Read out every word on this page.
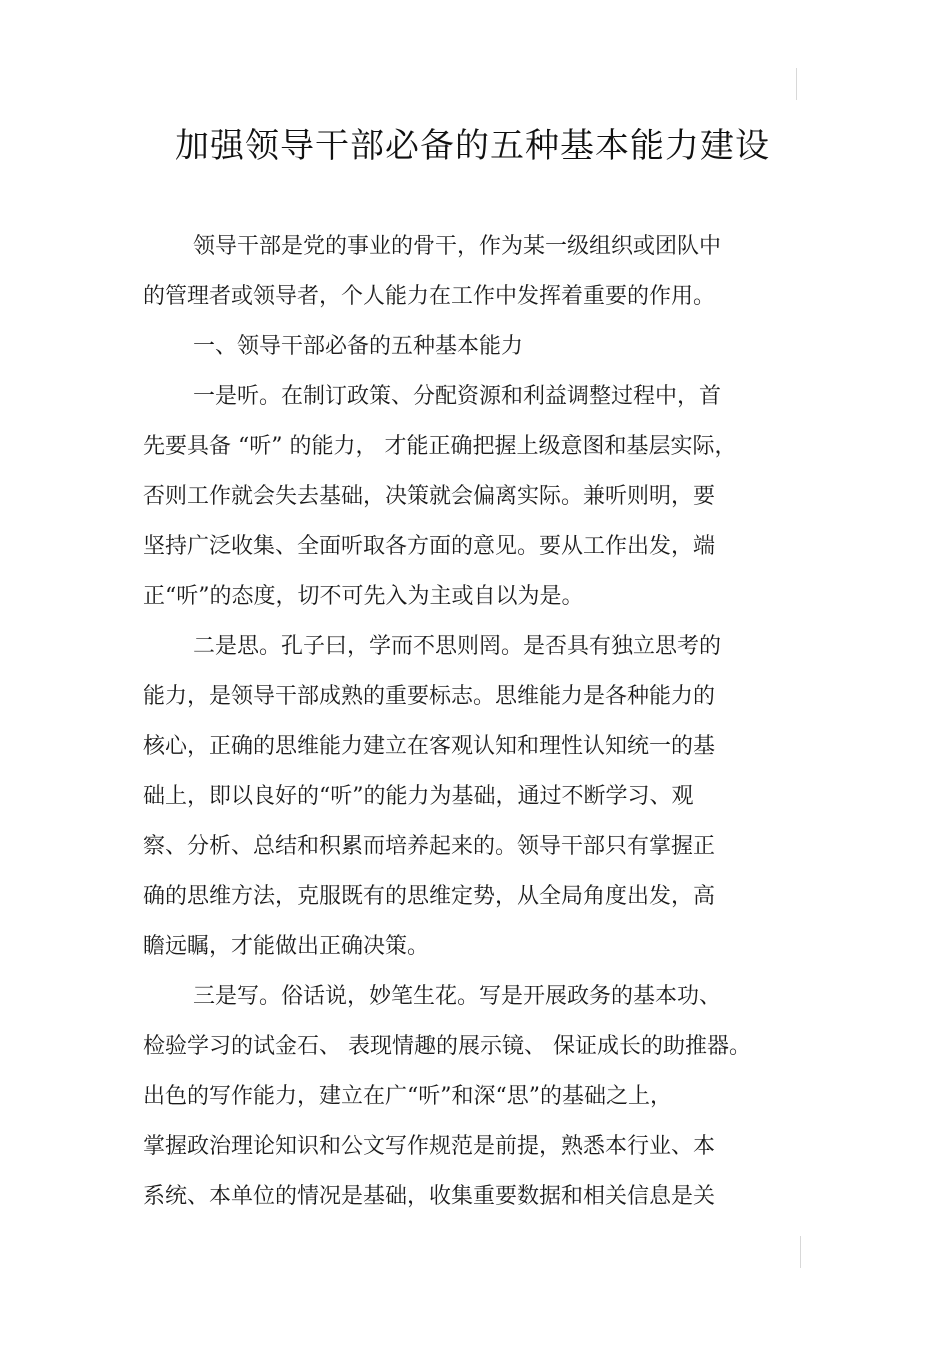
加强领导干部必备的五种基本能力建设
领导干部是党的事业的骨干，作为某一级组织或团队中
的管理者或领导者，个人能力在工作中发挥着重要的作用。
一、领导干部必备的五种基本能力
一是听。在制订政策、分配资源和利益调整过程中，首
先要具备 “听” 的能力， 才能正确把握上级意图和基层实际，
否则工作就会失去基础，决策就会偏离实际。兼听则明，要
坚持广泛收集、全面听取各方面的意见。要从工作出发，端
正“听”的态度，切不可先入为主或自以为是。
二是思。孔子曰，学而不思则罔。是否具有独立思考的
能力，是领导干部成熟的重要标志。思维能力是各种能力的
核心，正确的思维能力建立在客观认知和理性认知统一的基
础上，即以良好的“听”的能力为基础，通过不断学习、观
察、分析、总结和积累而培养起来的。领导干部只有掌握正
确的思维方法，克服既有的思维定势，从全局角度出发，高
瞻远瞩，才能做出正确决策。
三是写。俗话说，妙笔生花。写是开展政务的基本功、
检验学习的试金石、 表现情趣的展示镜、 保证成长的助推器。
出色的写作能力，建立在广“听”和深“思”的基础之上，
掌握政治理论知识和公文写作规范是前提，熟悉本行业、本
系统、本单位的情况是基础，收集重要数据和相关信息是关
